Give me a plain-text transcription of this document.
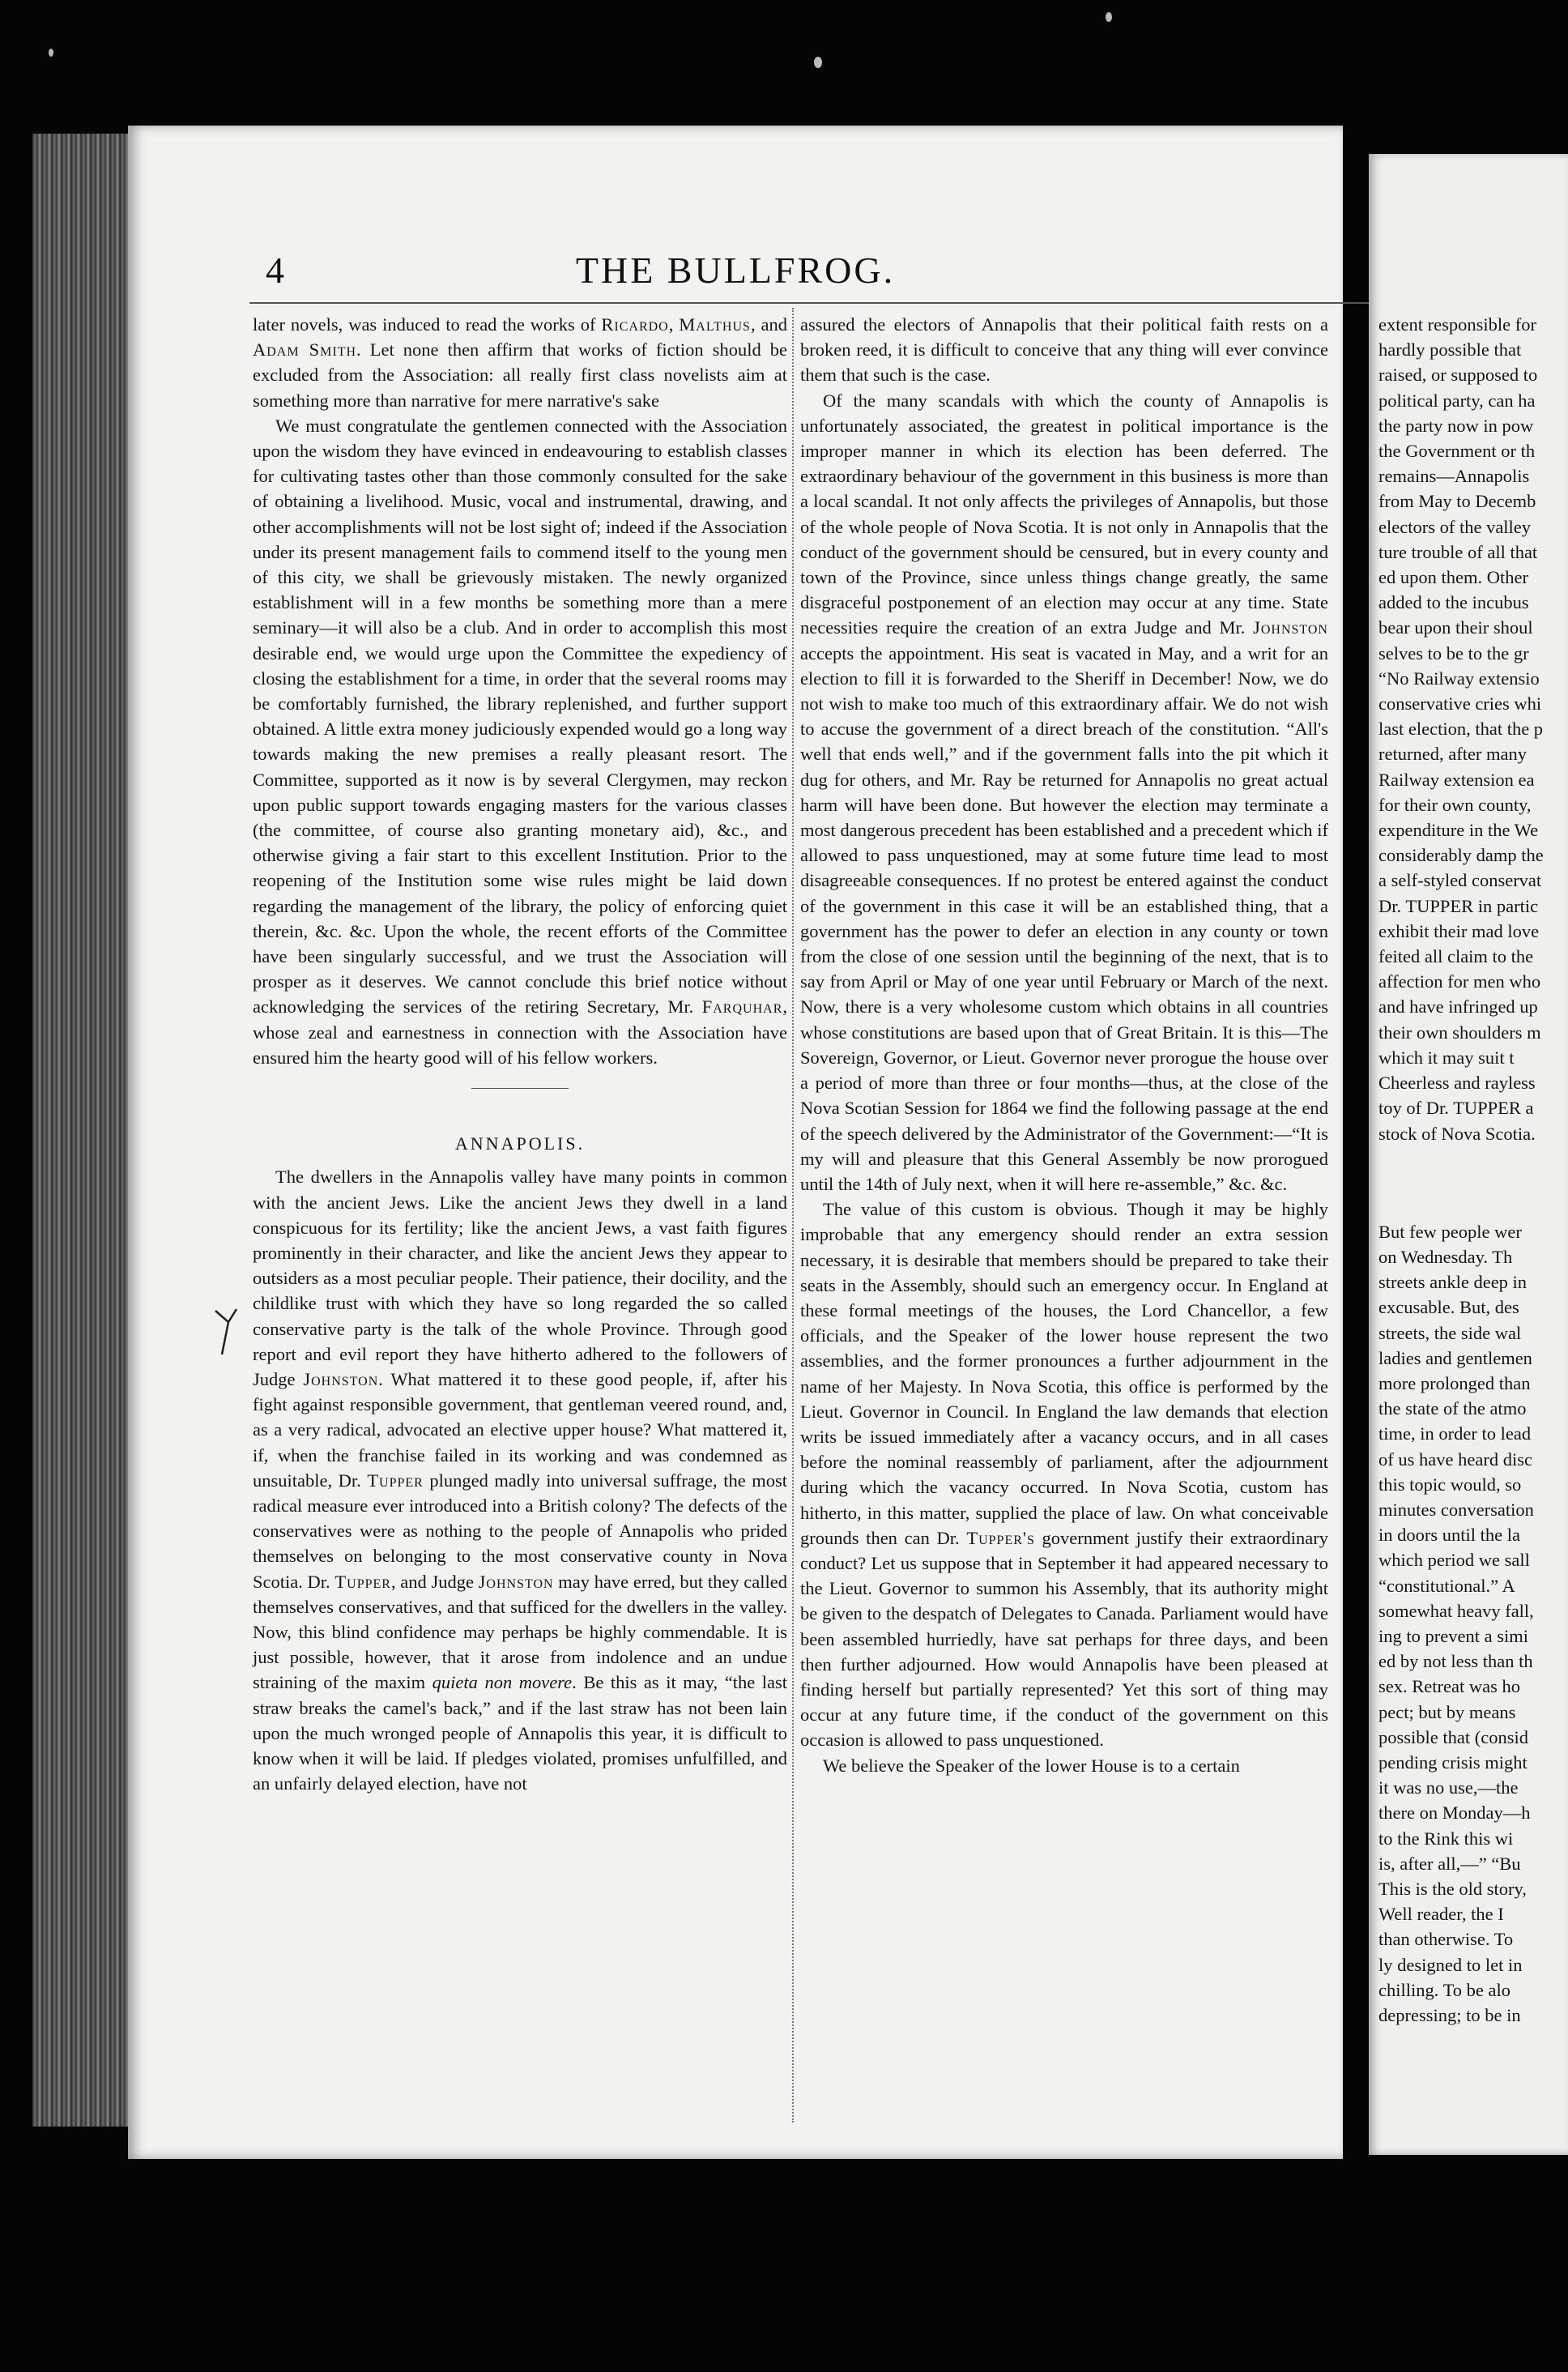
4	THE BULLFROG.

later novels, was induced to read the works of Ricardo, Malthus, and Adam Smith. Let none then affirm that works of fiction should be excluded from the Association: all really first class novelists aim at something more than narrative for mere narrative's sake

We must congratulate the gentlemen connected with the Association upon the wisdom they have evinced in endeavouring to establish classes for cultivating tastes other than those commonly consulted for the sake of obtaining a livelihood. Music, vocal and instrumental, drawing, and other accomplishments will not be lost sight of; indeed if the Association under its present management fails to commend itself to the young men of this city, we shall be grievously mistaken. The newly organized establishment will in a few months be something more than a mere seminary—it will also be a club. And in order to accomplish this most desirable end, we would urge upon the Committee the expediency of closing the establishment for a time, in order that the several rooms may be comfortably furnished, the library replenished, and further support obtained. A little extra money judiciously expended would go a long way towards making the new premises a really pleasant resort. The Committee, supported as it now is by several Clergymen, may reckon upon public support towards engaging masters for the various classes (the committee, of course also granting monetary aid), &c., and otherwise giving a fair start to this excellent Institution. Prior to the reopening of the Institution some wise rules might be laid down regarding the management of the library, the policy of enforcing quiet therein, &c. &c. Upon the whole, the recent efforts of the Committee have been singularly successful, and we trust the Association will prosper as it deserves. We cannot conclude this brief notice without acknowledging the services of the retiring Secretary, Mr. Farquhar, whose zeal and earnestness in connection with the Association have ensured him the hearty good will of his fellow workers.

ANNAPOLIS.

The dwellers in the Annapolis valley have many points in common with the ancient Jews. Like the ancient Jews they dwell in a land conspicuous for its fertility; like the ancient Jews, a vast faith figures prominently in their character, and like the ancient Jews they appear to outsiders as a most peculiar people. Their patience, their docility, and the childlike trust with which they have so long regarded the so called conservative party is the talk of the whole Province. Through good report and evil report they have hitherto adhered to the followers of Judge Johnston. What mattered it to these good people, if, after his fight against responsible government, that gentleman veered round, and, as a very radical, advocated an elective upper house? What mattered it, if, when the franchise failed in its working and was condemned as unsuitable, Dr. Tupper plunged madly into universal suffrage, the most radical measure ever introduced into a British colony? The defects of the conservatives were as nothing to the people of Annapolis who prided themselves on belonging to the most conservative county in Nova Scotia. Dr. Tupper, and Judge Johnston may have erred, but they called themselves conservatives, and that sufficed for the dwellers in the valley. Now, this blind confidence may perhaps be highly commendable. It is just possible, however, that it arose from indolence and an undue straining of the maxim quieta non movere. Be this as it may, “the last straw breaks the camel's back,” and if the last straw has not been lain upon the much wronged people of Annapolis this year, it is difficult to know when it will be laid. If pledges violated, promises unfulfilled, and an unfairly delayed election, have not

assured the electors of Annapolis that their political faith rests on a broken reed, it is difficult to conceive that any thing will ever convince them that such is the case.

Of the many scandals with which the county of Annapolis is unfortunately associated, the greatest in political importance is the improper manner in which its election has been deferred. The extraordinary behaviour of the government in this business is more than a local scandal. It not only affects the privileges of Annapolis, but those of the whole people of Nova Scotia. It is not only in Annapolis that the conduct of the government should be censured, but in every county and town of the Province, since unless things change greatly, the same disgraceful postponement of an election may occur at any time. State necessities require the creation of an extra Judge and Mr. Johnston accepts the appointment. His seat is vacated in May, and a writ for an election to fill it is forwarded to the Sheriff in December! Now, we do not wish to make too much of this extraordinary affair. We do not wish to accuse the government of a direct breach of the constitution. “All's well that ends well,” and if the government falls into the pit which it dug for others, and Mr. Ray be returned for Annapolis no great actual harm will have been done. But however the election may terminate a most dangerous precedent has been established and a precedent which if allowed to pass unquestioned, may at some future time lead to most disagreeable consequences. If no protest be entered against the conduct of the government in this case it will be an established thing, that a government has the power to defer an election in any county or town from the close of one session until the beginning of the next, that is to say from April or May of one year until February or March of the next. Now, there is a very wholesome custom which obtains in all countries whose constitutions are based upon that of Great Britain. It is this—The Sovereign, Governor, or Lieut. Governor never prorogue the house over a period of more than three or four months—thus, at the close of the Nova Scotian Session for 1864 we find the following passage at the end of the speech delivered by the Administrator of the Government:—“It is my will and pleasure that this General Assembly be now prorogued until the 14th of July next, when it will here re-assemble,” &c. &c.

The value of this custom is obvious. Though it may be highly improbable that any emergency should render an extra session necessary, it is desirable that members should be prepared to take their seats in the Assembly, should such an emergency occur. In England at these formal meetings of the houses, the Lord Chancellor, a few officials, and the Speaker of the lower house represent the two assemblies, and the former pronounces a further adjournment in the name of her Majesty. In Nova Scotia, this office is performed by the Lieut. Governor in Council. In England the law demands that election writs be issued immediately after a vacancy occurs, and in all cases before the nominal reassembly of parliament, after the adjournment during which the vacancy occurred. In Nova Scotia, custom has hitherto, in this matter, supplied the place of law. On what conceivable grounds then can Dr. Tupper's government justify their extraordinary conduct? Let us suppose that in September it had appeared necessary to the Lieut. Governor to summon his Assembly, that its authority might be given to the despatch of Delegates to Canada. Parliament would have been assembled hurriedly, have sat perhaps for three days, and been then further adjourned. How would Annapolis have been pleased at finding herself but partially represented? Yet this sort of thing may occur at any future time, if the conduct of the government on this occasion is allowed to pass unquestioned.

We believe the Speaker of the lower House is to a certain

extent responsible for
hardly possible that
raised, or supposed to
political party, can ha
the party now in pow
the Government or th
remains—Annapolis
from May to Decemb
electors of the valley
ture trouble of all that
ed upon them. Other
added to the incubus
bear upon their shoul
selves to be to the gr
“No Railway extensio
conservative cries whi
last election, that the p
returned, after many
Railway extension ea
for their own county,
expenditure in the We
considerably damp the
a self-styled conservat
Dr. TUPPER in partic
exhibit their mad love
feited all claim to the
affection for men who
and have infringed up
their own shoulders m
which it may suit t
Cheerless and rayless
toy of Dr. TUPPER a
stock of Nova Scotia.
But few people wer
on Wednesday. Th
streets ankle deep in
excusable. But, des
streets, the side wal
ladies and gentlemen
more prolonged than
the state of the atmo
time, in order to lead
of us have heard disc
this topic would, so
minutes conversation
in doors until the la
which period we sall
“constitutional.” A
somewhat heavy fall,
ing to prevent a simi
ed by not less than th
sex. Retreat was ho
pect; but by means
possible that (consid
pending crisis might
it was no use,—the
there on Monday—h
to the Rink this wi
is, after all,—” “Bu
This is the old story,
Well reader, the I
than otherwise. To
ly designed to let in
chilling. To be alo
depressing; to be in
